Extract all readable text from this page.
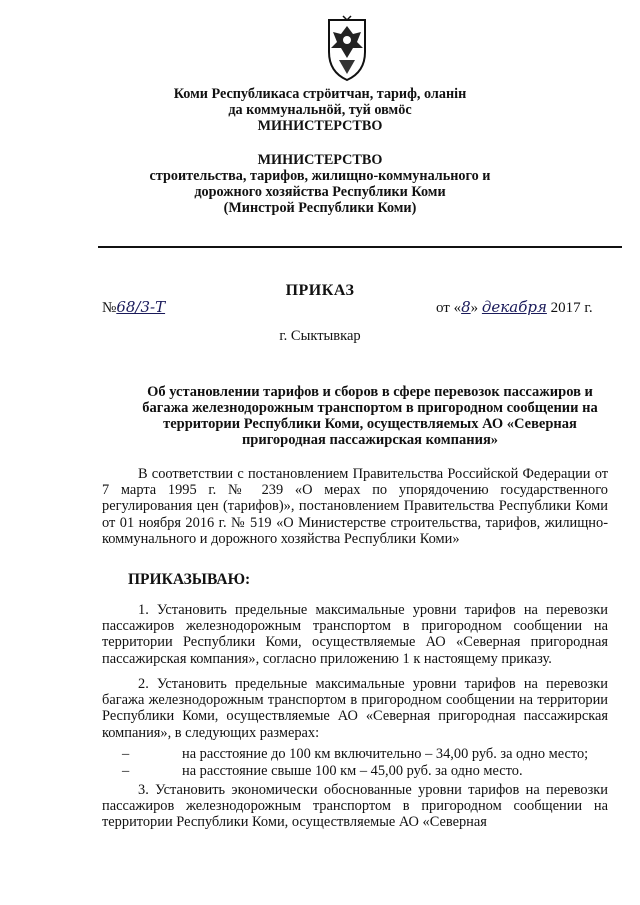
Коми Республикаса стрӧитчан, тариф, оланін
да коммунальнӧй, туй овмӧс
МИНИСТЕРСТВО
МИНИСТЕРСТВО
строительства, тарифов, жилищно-коммунального и
дорожного хозяйства Республики Коми
(Минстрой Республики Коми)
ПРИКАЗ
№68/3-Т	от «8» декабря 2017 г.
г. Сыктывкар
Об установлении тарифов и сборов в сфере перевозок пассажиров и
багажа железнодорожным транспортом в пригородном сообщении на
территории Республики Коми, осуществляемых АО «Северная
пригородная пассажирская компания»
В соответствии с постановлением Правительства Российской Федерации от 7 марта 1995 г. № 239 «О мерах по упорядочению государственного регулирования цен (тарифов)», постановлением Правительства Республики Коми от 01 ноября 2016 г. № 519 «О Министерстве строительства, тарифов, жилищно-коммунального и дорожного хозяйства Республики Коми»
ПРИКАЗЫВАЮ:
1. Установить предельные максимальные уровни тарифов на перевозки пассажиров железнодорожным транспортом в пригородном сообщении на территории Республики Коми, осуществляемые АО «Северная пригородная пассажирская компания», согласно приложению 1 к настоящему приказу.
2. Установить предельные максимальные уровни тарифов на перевозки багажа железнодорожным транспортом в пригородном сообщении на территории Республики Коми, осуществляемые АО «Северная пригородная пассажирская компания», в следующих размерах:
–	на расстояние до 100 км включительно – 34,00 руб. за одно место;
–	на расстояние свыше 100 км – 45,00 руб. за одно место.
3. Установить экономически обоснованные уровни тарифов на перевозки пассажиров железнодорожным транспортом в пригородном сообщении на территории Республики Коми, осуществляемые АО «Северная
